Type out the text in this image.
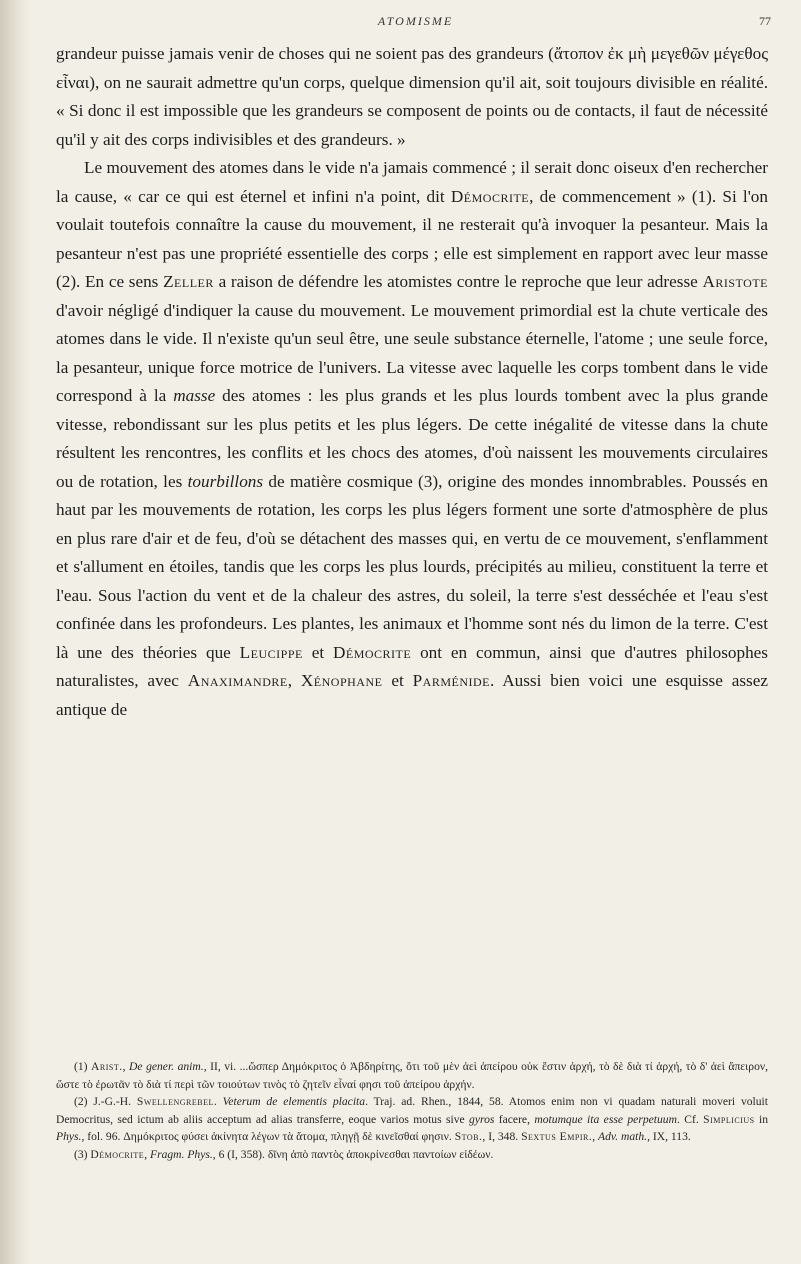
ATOMISME	77

grandeur puisse jamais venir de choses qui ne soient pas des grandeurs (ἄτοπον ἐκ μὴ μεγεθῶν μέγεθος εἶναι), on ne saurait admettre qu'un corps, quelque dimension qu'il ait, soit toujours divisible en réalité. « Si donc il est impossible que les grandeurs se composent de points ou de contacts, il faut de nécessité qu'il y ait des corps indivisibles et des grandeurs. »

Le mouvement des atomes dans le vide n'a jamais commencé ; il serait donc oiseux d'en rechercher la cause, « car ce qui est éternel et infini n'a point, dit Démocrite, de commencement » (1). Si l'on voulait toutefois connaître la cause du mouvement, il ne resterait qu'à invoquer la pesanteur. Mais la pesanteur n'est pas une propriété essentielle des corps ; elle est simplement en rapport avec leur masse (2). En ce sens Zeller a raison de défendre les atomistes contre le reproche que leur adresse Aristote d'avoir négligé d'indiquer la cause du mouvement. Le mouvement primordial est la chute verticale des atomes dans le vide. Il n'existe qu'un seul être, une seule substance éternelle, l'atome ; une seule force, la pesanteur, unique force motrice de l'univers. La vitesse avec laquelle les corps tombent dans le vide correspond à la masse des atomes : les plus grands et les plus lourds tombent avec la plus grande vitesse, rebondissant sur les plus petits et les plus légers. De cette inégalité de vitesse dans la chute résultent les rencontres, les conflits et les chocs des atomes, d'où naissent les mouvements circulaires ou de rotation, les tourbillons de matière cosmique (3), origine des mondes innombrables. Poussés en haut par les mouvements de rotation, les corps les plus légers forment une sorte d'atmosphère de plus en plus rare d'air et de feu, d'où se détachent des masses qui, en vertu de ce mouvement, s'enflamment et s'allument en étoiles, tandis que les corps les plus lourds, précipités au milieu, constituent la terre et l'eau. Sous l'action du vent et de la chaleur des astres, du soleil, la terre s'est desséchée et l'eau s'est confinée dans les profondeurs. Les plantes, les animaux et l'homme sont nés du limon de la terre. C'est là une des théories que Leucippe et Démocrite ont en commun, ainsi que d'autres philosophes naturalistes, avec Anaximandre, Xénophane et Parménide. Aussi bien voici une esquisse assez antique de

(1) Arist., De gener. anim., II, vi. ...ὥσπερ Δημόκριτος ὁ Ἀβδηρίτης, ὅτι τοῦ μὲν ἀεὶ ἀπείρου οὐκ ἔστιν ἀρχή, τὸ δὲ διὰ τί ἀρχή, τὸ δ' ἀεὶ ἄπειρον, ὥστε τὸ ἐρωτᾶν τὸ διὰ τί περὶ τῶν τοιούτων τινὸς τὸ ζητεῖν εἶναί φησι τοῦ ἀπείρου ἀρχήν.

(2) J.-G.-H. Swellengrebel. Veterum de elementis placita. Traj. ad. Rhen., 1844, 58. Atomos enim non vi quadam naturali moveri voluit Democritus, sed ictum ab aliis acceptum ad alias transferre, eoque varios motus sive gyros facere, motumque ita esse perpetuum. Cf. Simplicius in Phys., fol. 96. Δημόκριτος φύσει ἀκίνητα λέγων τὰ ἄτομα, πληγῇ δὲ κινεῖσθαί φησιν. Stob., I, 348. Sextus Empir., Adv. math., IX, 113.

(3) Démocrite, Fragm. Phys., 6 (I, 358). δῖνη ἀπὸ παντὸς ἀποκρίνεσθαι παντοίων εἰδέων.
